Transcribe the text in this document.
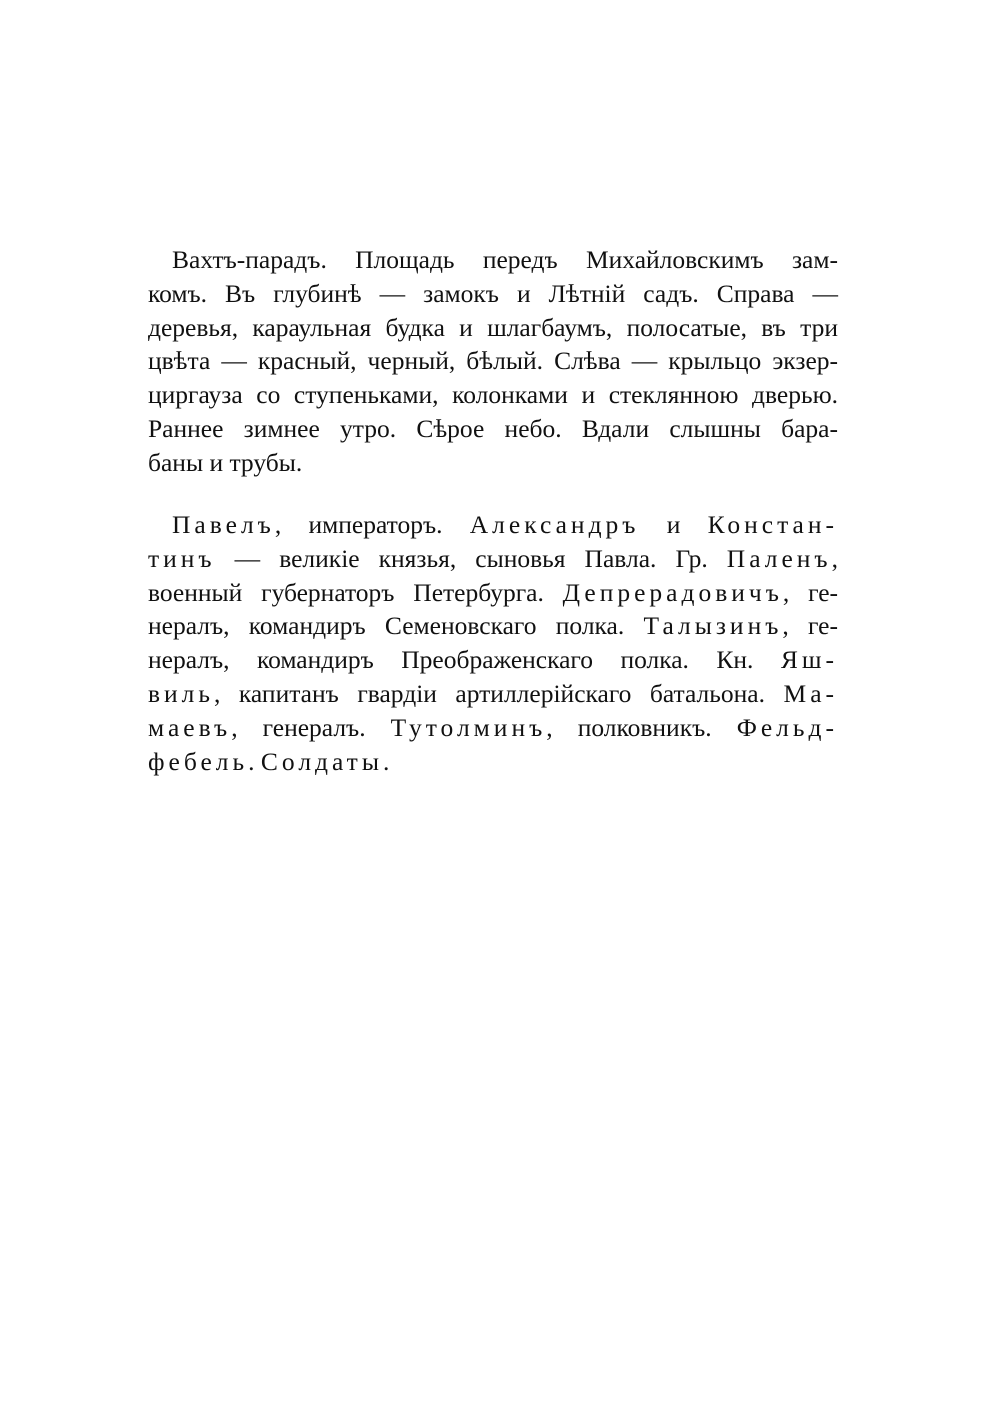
Вахтъ-парадъ. Площадь передъ Михайловскимъ зам-
комъ. Въ глубинѣ — замокъ и Лѣтній садъ. Справа —
деревья, караульная будка и шлагбаумъ, полосатые, въ три
цвѣта — красный, черный, бѣлый. Слѣва — крыльцо экзер-
циргауза со ступеньками, колонками и стеклянною дверью.
Раннее зимнее утро. Сѣрое небо. Вдали слышны бара-
баны и трубы.
Павелъ, императоръ. Александръ и Констан-
тинъ — великіе князья, сыновья Павла. Гр. Паленъ,
военный губернаторъ Петербурга. Депрерадовичъ, ге-
нералъ, командиръ Семеновскаго полка. Талызинъ, ге-
нералъ, командиръ Преображенскаго полка. Кн. Яш-
виль, капитанъ гвардіи артиллерійскаго батальона. Ма-
маевъ, генералъ. Тутолминъ, полковникъ. Фельд-
фебель. Солдаты.
